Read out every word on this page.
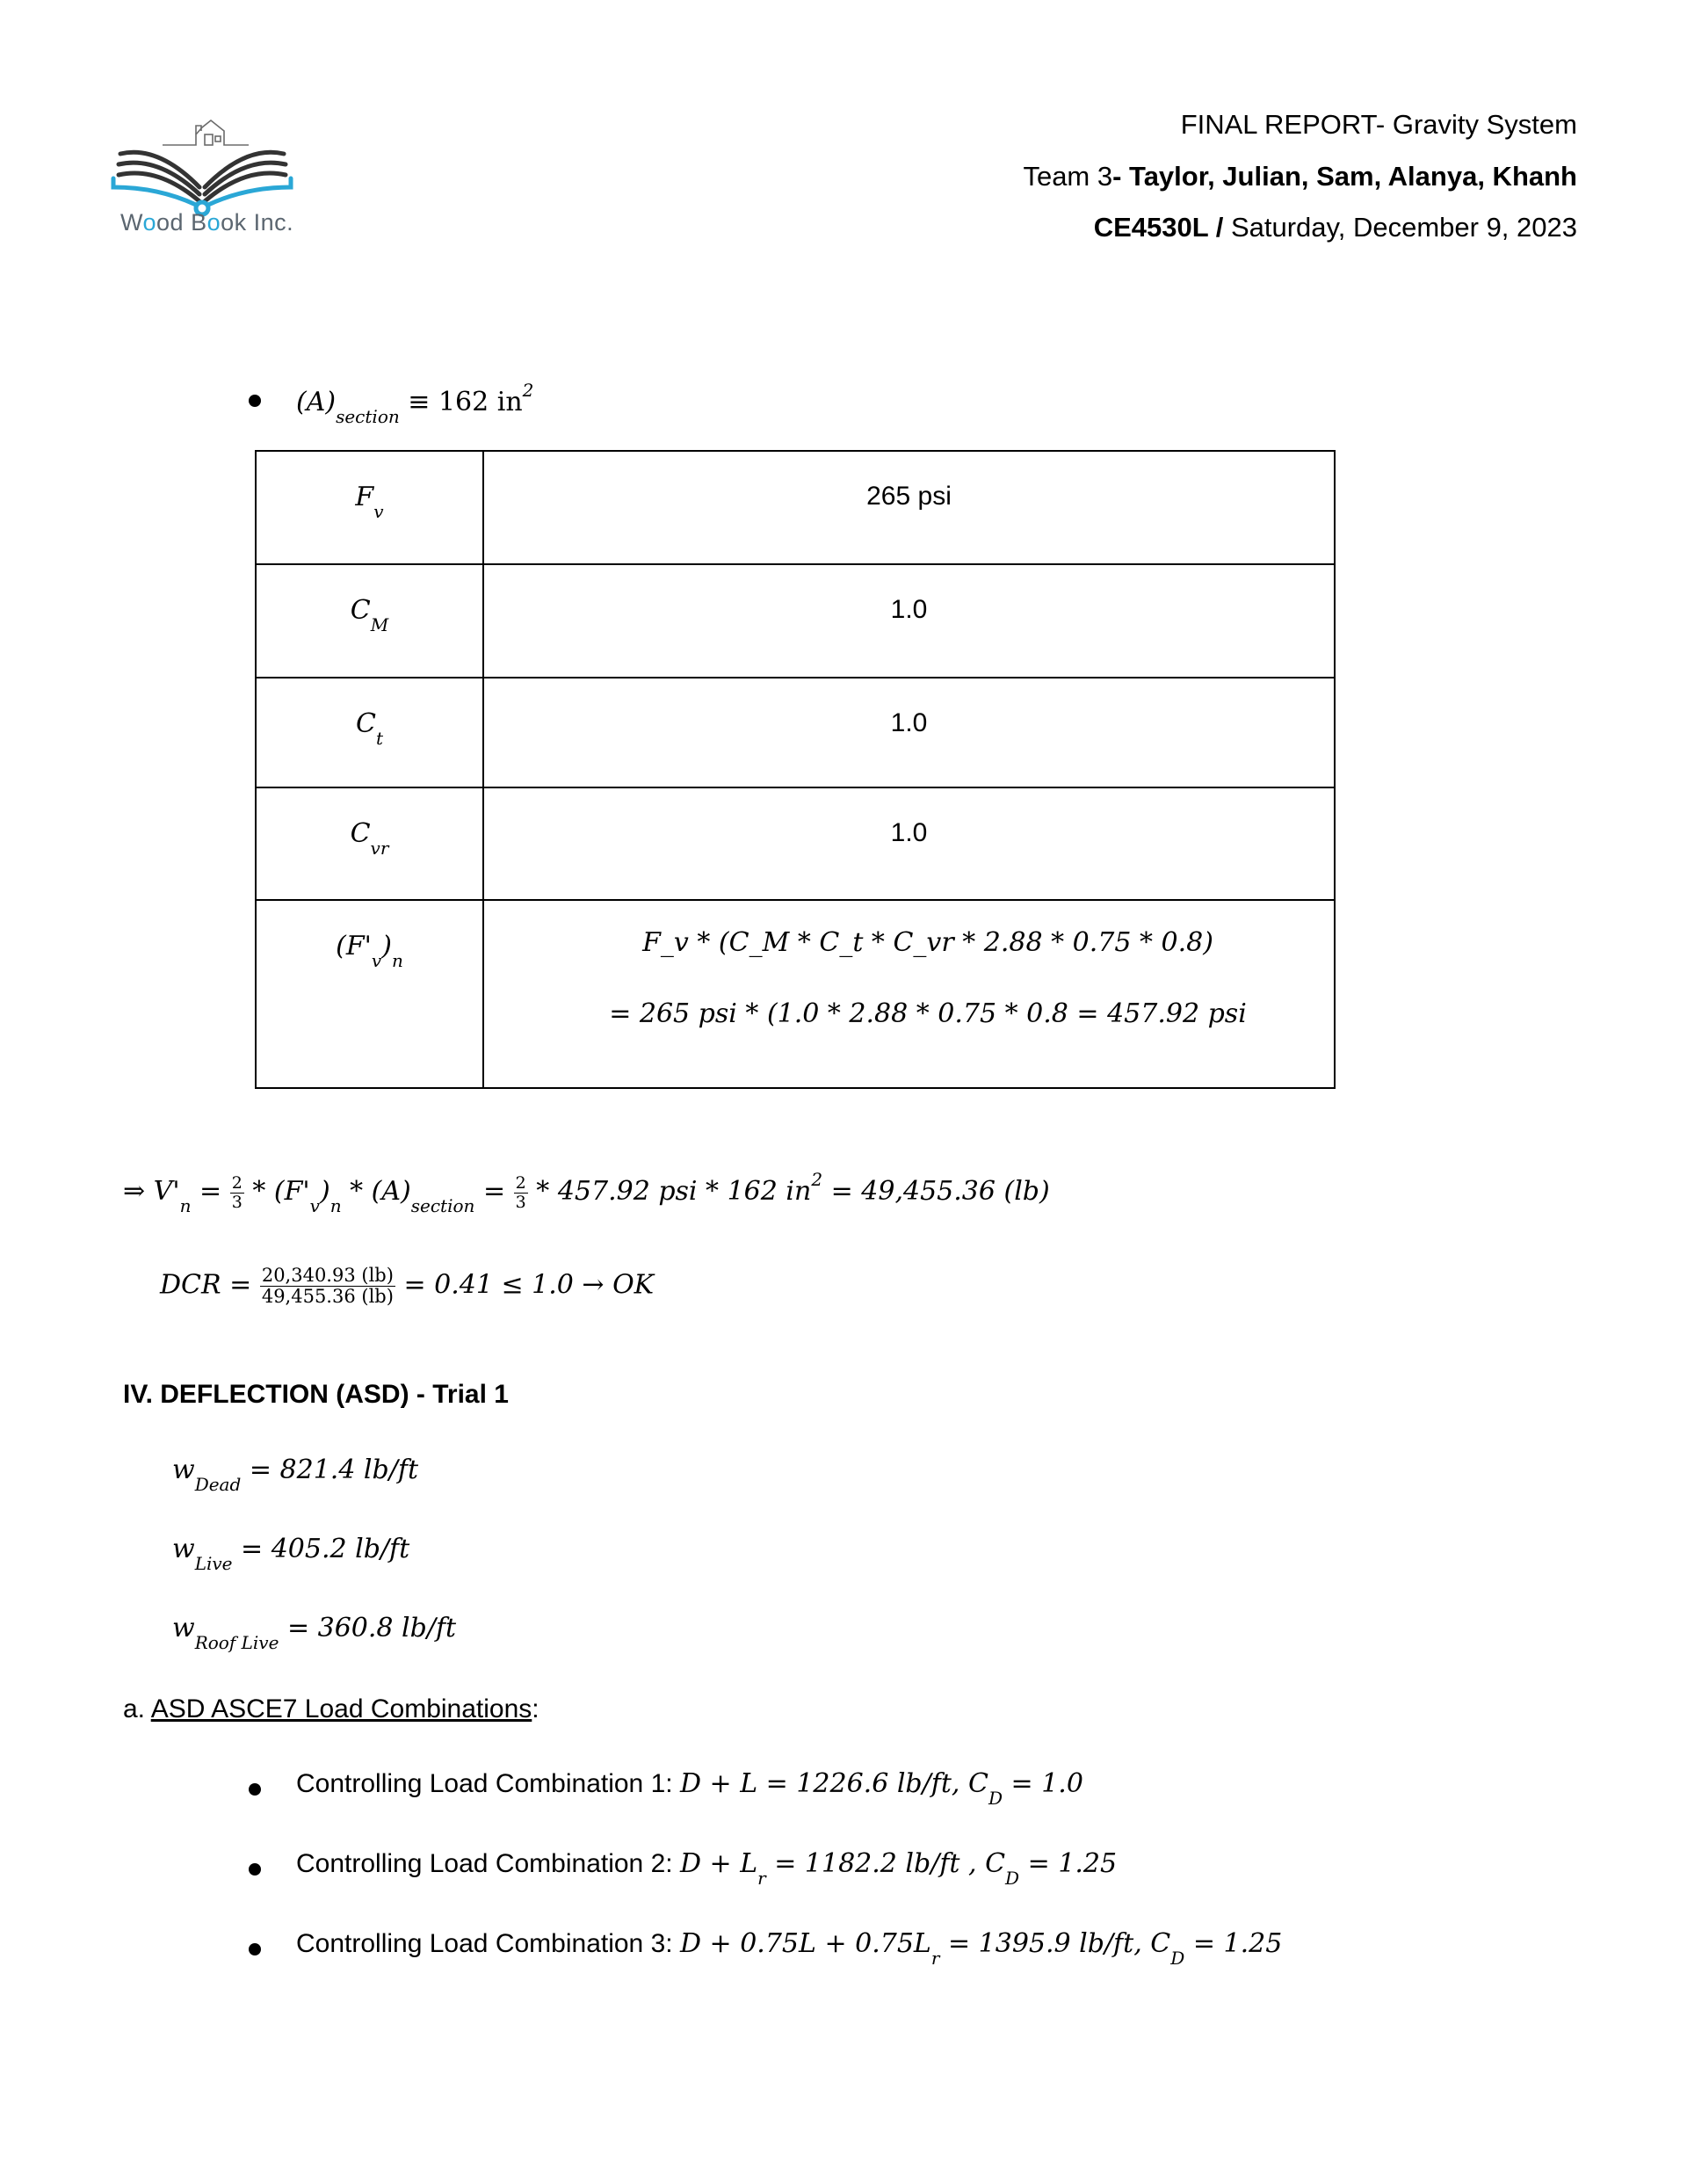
Wood Book Inc.
FINAL REPORT- Gravity System
Team 3- Taylor, Julian, Sam, Alanya, Khanh
CE4530L / Saturday, December 9, 2023
$(A)_{section} \equiv 162$ $in^2$
$F_v$	265 psi

$C_M$	1.0

$C_t$	1.0

$C_{vr}$	1.0

$(F'_v)_n$	F_v * (C_M * C_t * C_vr * 2.88 * 0.75 * 0.8)
= 265 psi * (1.0 * 2.88 * 0.75 * 0.8 = 457.92 psi
⇒ $V'_n = \frac{2}{3} * (F'_v)_n * (A)_{section} = \frac{2}{3} * 457.92$ psi * 162 $in^2 = 49,455.36$ (lb)
DCR = $\frac{20,340.93 (lb)}{49,455.36 (lb)} = 0.41 \le 1.0$ → OK
IV. DEFLECTION (ASD) - Trial 1
$w_{Dead} = 821.4$ lb/ft
$w_{Live} = 405.2$ lb/ft
$w_{Roof Live} = 360.8$ lb/ft
a. ASD ASCE7 Load Combinations:
Controlling Load Combination 1: D + L = 1226.6 lb/ft, $C_D = 1.0$
Controlling Load Combination 2: $D + L_r = 1182.2$ lb/ft , $C_D = 1.25$
Controlling Load Combination 3: $D + 0.75L + 0.75L_r = 1395.9$ lb/ft, $C_D = 1.25$
